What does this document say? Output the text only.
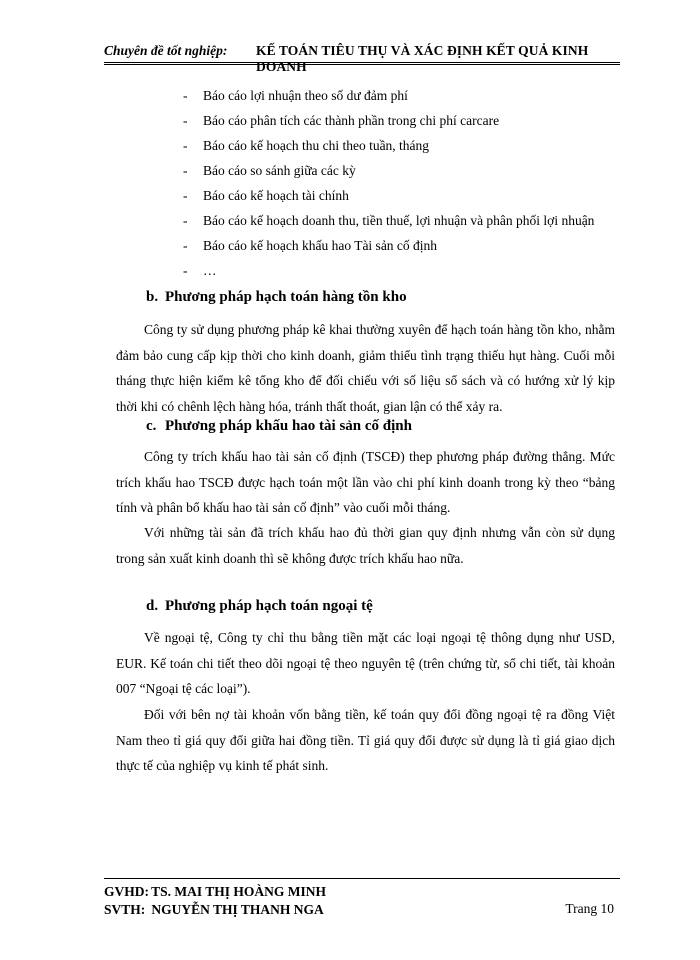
Chuyên đề tốt nghiệp: KẾ TOÁN TIÊU THỤ VÀ XÁC ĐỊNH KẾT QUẢ KINH DOANH
- Báo cáo lợi nhuận theo số dư đảm phí
- Báo cáo phân tích các thành phần trong chi phí carcare
- Báo cáo kế hoạch thu chi theo tuần, tháng
- Báo cáo so sánh giữa các kỳ
- Báo cáo kế hoạch tài chính
- Báo cáo kế hoạch doanh thu, tiền thuế, lợi nhuận và phân phối lợi nhuận
- Báo cáo kế hoạch khấu hao Tài sản cố định
- …
b. Phương pháp hạch toán hàng tồn kho

Công ty sử dụng phương pháp kê khai thường xuyên để hạch toán hàng tồn kho, nhằm đảm bảo cung cấp kịp thời cho kinh doanh, giảm thiểu tình trạng thiếu hụt hàng. Cuối mỗi tháng thực hiện kiểm kê tổng kho để đối chiếu với số liệu sổ sách và có hướng xử lý kịp thời khi có chênh lệch hàng hóa, tránh thất thoát, gian lận có thể xảy ra.

c. Phương pháp khấu hao tài sản cố định

Công ty trích khấu hao tài sản cố định (TSCĐ) thep phương pháp đường thẳng. Mức trích khấu hao TSCĐ được hạch toán một lần vào chi phí kinh doanh trong kỳ theo “bảng tính và phân bổ khấu hao tài sản cố định” vào cuối mỗi tháng.

Với những tài sản đã trích khấu hao đủ thời gian quy định nhưng vẫn còn sử dụng trong sản xuất kinh doanh thì sẽ không được trích khấu hao nữa.

d. Phương pháp hạch toán ngoại tệ

Về ngoại tệ, Công ty chỉ thu bằng tiền mặt các loại ngoại tệ thông dụng như USD, EUR. Kế toán chi tiết theo dõi ngoại tệ theo nguyên tệ (trên chứng từ, sổ chi tiết, tài khoản 007 “Ngoại tệ các loại”).

Đối với bên nợ tài khoản vốn bằng tiền, kế toán quy đổi đồng ngoại tệ ra đồng Việt Nam theo tỉ giá quy đổi giữa hai đồng tiền. Tỉ giá quy đổi được sử dụng là tỉ giá giao dịch thực tế của nghiệp vụ kinh tế phát sinh.

GVHD: TS. MAI THỊ HOÀNG MINH
SVTH: NGUYỄN THỊ THANH NGA	Trang 10
